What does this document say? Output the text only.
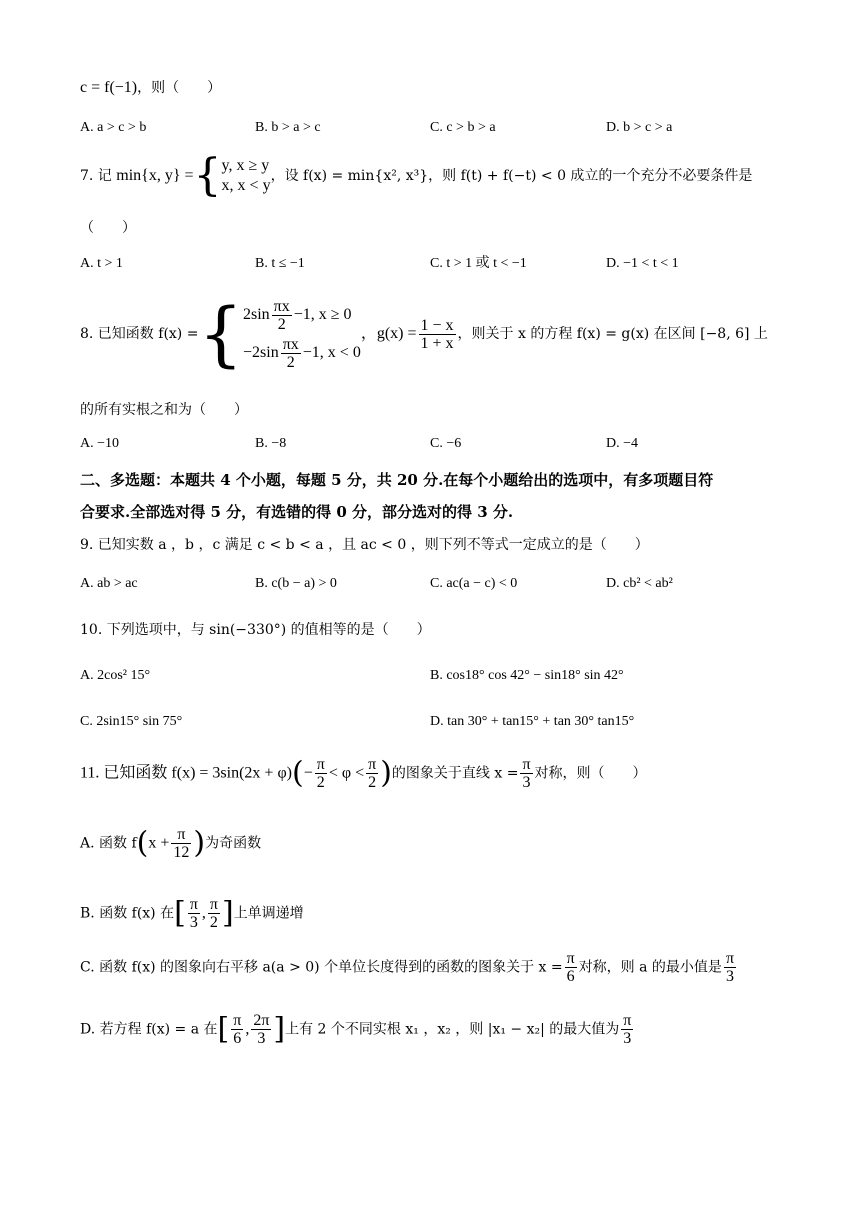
c = f(−1)，则（　　）
A. a > c > b	B. b > a > c	C. c > b > a	D. b > c > a
7. 记 min{x, y} ={ y, x ≥ y
x, x < y
，设 f(x) = min{x², x³}，则 f(t) + f(−t) < 0 成立的一个充分不必要条件是
（　　）
A. t > 1	B. t ≤ −1	C. t > 1 或 t < −1	D. −1 < t < 1
8. 已知函数 f(x) ={ $2\sin \frac{\pi x}{2} -1$, x ≥ 0
$-2\sin \frac{\pi x}{2} -1$, x < 0
，$g(x) = \frac{1 - x}{1 + x}$ ，则关于 x 的方程 f(x) = g(x) 在区间 [−8, 6] 上
的所有实根之和为（　　）
A. −10	B. −8	C. −6	D. −4
二、多选题：本题共 4 个小题，每题 5 分，共 20 分.在每个小题给出的选项中，有多项题目符
合要求.全部选对得 5 分，有选错的得 0 分，部分选对的得 3 分.
9. 已知实数 a ，b ，c 满足 c < b < a ，且 ac < 0 ，则下列不等式一定成立的是（　　）
A. ab > ac	B. c(b − a) > 0	C. ac(a − c) < 0	D. cb² < ab²
10. 下列选项中，与 sin(−330°) 的值相等的是（　　）
A. 2cos² 15°	B. cos18° cos 42° − sin18° sin 42°
C. 2sin15° sin 75°	D. tan 30° + tan15° + tan 30° tan15°
11. 已知函数 $f(x) = 3\sin(2x + \varphi)(- \frac{\pi}{2} < \varphi < \frac{\pi}{2}$ )的图象关于直线 $x = \frac{\pi}{3}$ 对称，则（　　）
A. 函数 $f(x + \frac{\pi}{12}$ )为奇函数
B. 函数 f(x) 在[ $\frac{\pi}{3}$ , $\frac{\pi}{2}$ ]上单调递增
C. 函数 f(x) 的图象向右平移 a(a > 0) 个单位长度得到的函数的图象关于 $x = \frac{\pi}{6}$ 对称，则 a 的最小值是 $\frac{\pi}{3}$
D. 若方程 f(x) = a 在[ $\frac{\pi}{6}$ , $\frac{2\pi}{3}$ ]上有 2 个不同实根 x₁ ，x₂ ，则 |x₁ − x₂| 的最大值为 $\frac{\pi}{3}$
